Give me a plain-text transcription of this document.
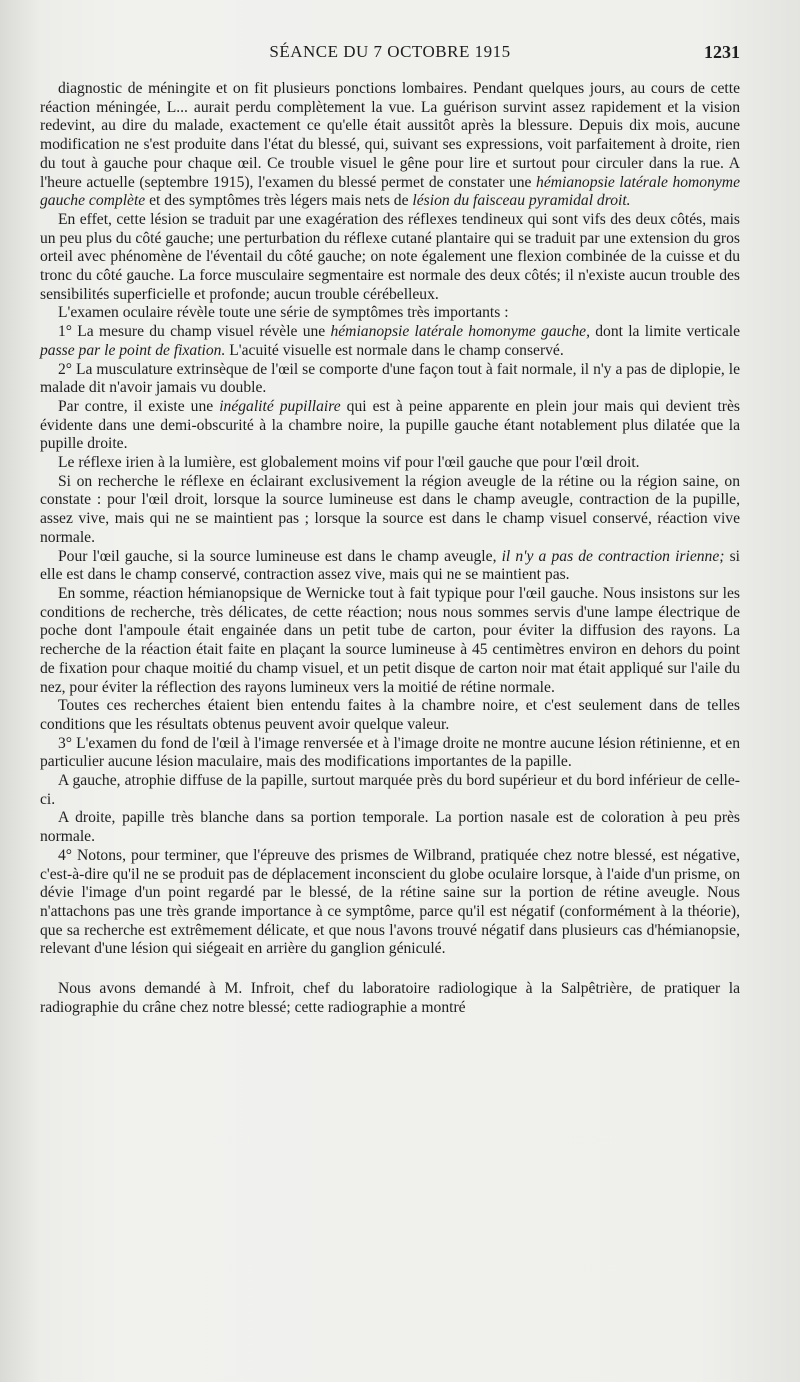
SÉANCE DU 7 OCTOBRE 1915	1231

diagnostic de méningite et on fit plusieurs ponctions lombaires. Pendant quelques jours, au cours de cette réaction méningée, L... aurait perdu complètement la vue. La guérison survint assez rapidement et la vision redevint, au dire du malade, exactement ce qu'elle était aussitôt après la blessure. Depuis dix mois, aucune modification ne s'est produite dans l'état du blessé, qui, suivant ses expressions, voit parfaitement à droite, rien du tout à gauche pour chaque œil. Ce trouble visuel le gêne pour lire et surtout pour circuler dans la rue. A l'heure actuelle (septembre 1915), l'examen du blessé permet de constater une hémianopsie latérale homonyme gauche complète et des symptômes très légers mais nets de lésion du faisceau pyramidal droit.

En effet, cette lésion se traduit par une exagération des réflexes tendineux qui sont vifs des deux côtés, mais un peu plus du côté gauche; une perturbation du réflexe cutané plantaire qui se traduit par une extension du gros orteil avec phénomène de l'éventail du côté gauche; on note également une flexion combinée de la cuisse et du tronc du côté gauche. La force musculaire segmentaire est normale des deux côtés; il n'existe aucun trouble des sensibilités superficielle et profonde; aucun trouble cérébelleux.

L'examen oculaire révèle toute une série de symptômes très importants :

1° La mesure du champ visuel révèle une hémianopsie latérale homonyme gauche, dont la limite verticale passe par le point de fixation. L'acuité visuelle est normale dans le champ conservé.

2° La musculature extrinsèque de l'œil se comporte d'une façon tout à fait normale, il n'y a pas de diplopie, le malade dit n'avoir jamais vu double.

Par contre, il existe une inégalité pupillaire qui est à peine apparente en plein jour mais qui devient très évidente dans une demi-obscurité à la chambre noire, la pupille gauche étant notablement plus dilatée que la pupille droite.

Le réflexe irien à la lumière, est globalement moins vif pour l'œil gauche que pour l'œil droit.

Si on recherche le réflexe en éclairant exclusivement la région aveugle de la rétine ou la région saine, on constate : pour l'œil droit, lorsque la source lumineuse est dans le champ aveugle, contraction de la pupille, assez vive, mais qui ne se maintient pas ; lorsque la source est dans le champ visuel conservé, réaction vive normale.

Pour l'œil gauche, si la source lumineuse est dans le champ aveugle, il n'y a pas de contraction irienne; si elle est dans le champ conservé, contraction assez vive, mais qui ne se maintient pas.

En somme, réaction hémianopsique de Wernicke tout à fait typique pour l'œil gauche. Nous insistons sur les conditions de recherche, très délicates, de cette réaction; nous nous sommes servis d'une lampe électrique de poche dont l'ampoule était engainée dans un petit tube de carton, pour éviter la diffusion des rayons. La recherche de la réaction était faite en plaçant la source lumineuse à 45 centimètres environ en dehors du point de fixation pour chaque moitié du champ visuel, et un petit disque de carton noir mat était appliqué sur l'aile du nez, pour éviter la réflection des rayons lumineux vers la moitié de rétine normale.

Toutes ces recherches étaient bien entendu faites à la chambre noire, et c'est seulement dans de telles conditions que les résultats obtenus peuvent avoir quelque valeur.

3° L'examen du fond de l'œil à l'image renversée et à l'image droite ne montre aucune lésion rétinienne, et en particulier aucune lésion maculaire, mais des modifications importantes de la papille.

A gauche, atrophie diffuse de la papille, surtout marquée près du bord supérieur et du bord inférieur de celle-ci.

A droite, papille très blanche dans sa portion temporale. La portion nasale est de coloration à peu près normale.

4° Notons, pour terminer, que l'épreuve des prismes de Wilbrand, pratiquée chez notre blessé, est négative, c'est-à-dire qu'il ne se produit pas de déplacement inconscient du globe oculaire lorsque, à l'aide d'un prisme, on dévie l'image d'un point regardé par le blessé, de la rétine saine sur la portion de rétine aveugle. Nous n'attachons pas une très grande importance à ce symptôme, parce qu'il est négatif (conformément à la théorie), que sa recherche est extrêmement délicate, et que nous l'avons trouvé négatif dans plusieurs cas d'hémianopsie, relevant d'une lésion qui siégeait en arrière du ganglion géniculé.

Nous avons demandé à M. Infroit, chef du laboratoire radiologique à la Salpêtrière, de pratiquer la radiographie du crâne chez notre blessé; cette radiographie a montré
